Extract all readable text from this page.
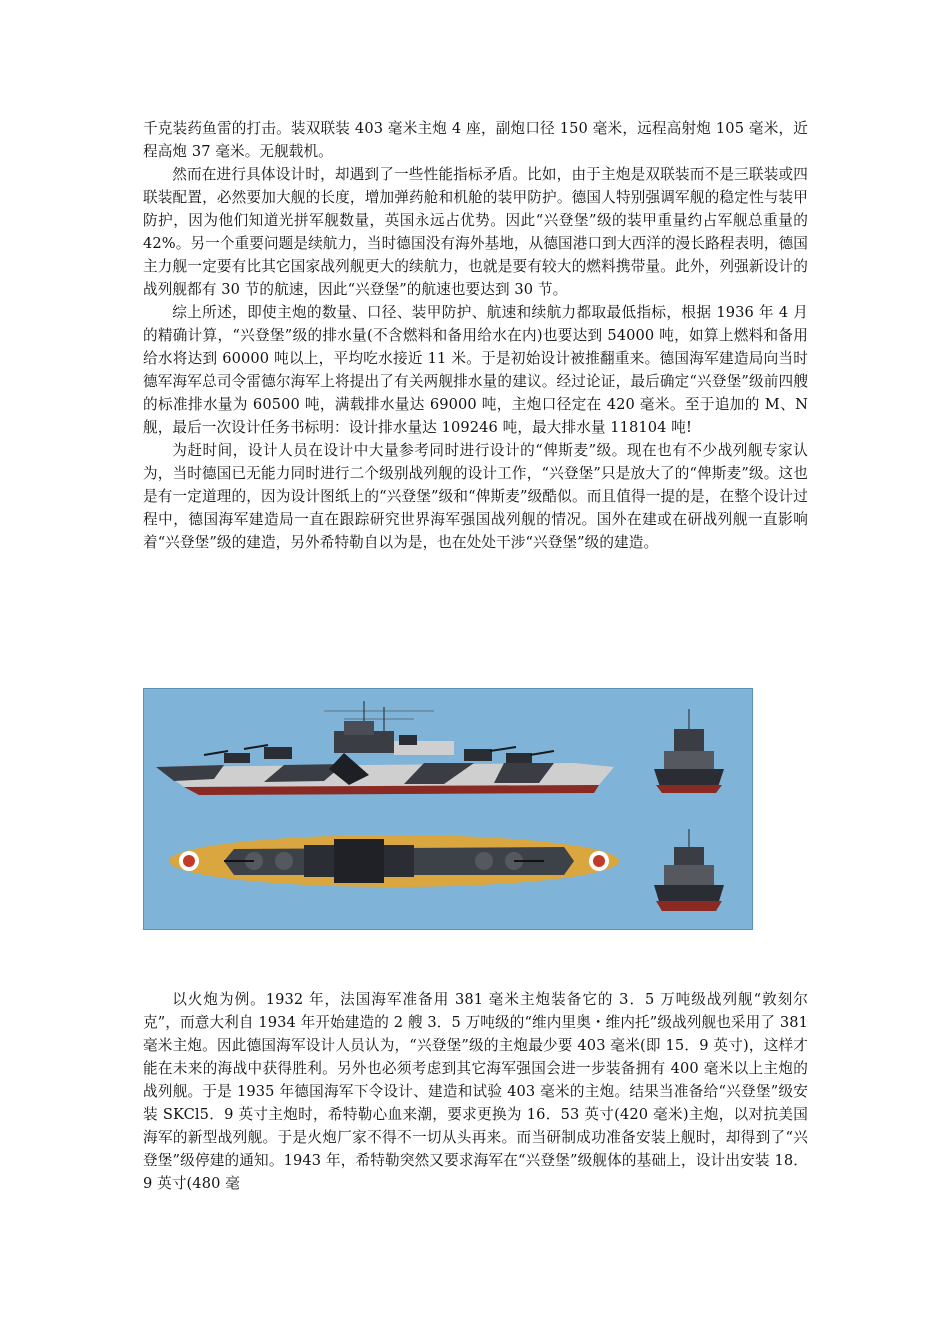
千克装药鱼雷的打击。装双联装 403 毫米主炮 4 座，副炮口径 150 毫米，远程高射炮 105 毫米，近程高炮 37 毫米。无舰载机。

然而在进行具体设计时，却遇到了一些性能指标矛盾。比如，由于主炮是双联装而不是三联装或四联装配置，必然要加大舰的长度，增加弹药舱和机舱的装甲防护。德国人特别强调军舰的稳定性与装甲防护，因为他们知道光拼军舰数量，英国永远占优势。因此“兴登堡”级的装甲重量约占军舰总重量的 42%。另一个重要问题是续航力，当时德国没有海外基地，从德国港口到大西洋的漫长路程表明，德国主力舰一定要有比其它国家战列舰更大的续航力，也就是要有较大的燃料携带量。此外，列强新设计的战列舰都有 30 节的航速，因此“兴登堡”的航速也要达到 30 节。

综上所述，即使主炮的数量、口径、装甲防护、航速和续航力都取最低指标，根据 1936 年 4 月的精确计算，“兴登堡”级的排水量(不含燃料和备用给水在内)也要达到 54000 吨，如算上燃料和备用给水将达到 60000 吨以上，平均吃水接近 11 米。于是初始设计被推翻重来。德国海军建造局向当时德军海军总司令雷德尔海军上将提出了有关两舰排水量的建议。经过论证，最后确定“兴登堡”级前四艘的标准排水量为 60500 吨，满载排水量达 69000 吨，主炮口径定在 420 毫米。至于追加的 M、N 舰，最后一次设计任务书标明：设计排水量达 109246 吨，最大排水量 118104 吨!

为赶时间，设计人员在设计中大量参考同时进行设计的“俾斯麦”级。现在也有不少战列舰专家认为，当时德国已无能力同时进行二个级别战列舰的设计工作，“兴登堡”只是放大了的“俾斯麦”级。这也是有一定道理的，因为设计图纸上的“兴登堡”级和“俾斯麦”级酷似。而且值得一提的是，在整个设计过程中，德国海军建造局一直在跟踪研究世界海军强国战列舰的情况。国外在建或在研战列舰一直影响着“兴登堡”级的建造，另外希特勒自以为是，也在处处干涉“兴登堡”级的建造。

以火炮为例。1932 年，法国海军准备用 381 毫米主炮装备它的 3．5 万吨级战列舰“敦刻尔克”，而意大利自 1934 年开始建造的 2 艘 3．5 万吨级的“维内里奥・维内托”级战列舰也采用了 381 毫米主炮。因此德国海军设计人员认为，“兴登堡”级的主炮最少要 403 毫米(即 15．9 英寸)，这样才能在未来的海战中获得胜利。另外也必须考虑到其它海军强国会进一步装备拥有 400 毫米以上主炮的战列舰。于是 1935 年德国海军下令设计、建造和试验 403 毫米的主炮。结果当准备给“兴登堡”级安装 SKCl5．9 英寸主炮时，希特勒心血来潮，要求更换为 16．53 英寸(420 毫米)主炮，以对抗美国海军的新型战列舰。于是火炮厂家不得不一切从头再来。而当研制成功准备安装上舰时，却得到了“兴登堡”级停建的通知。1943 年，希特勒突然又要求海军在“兴登堡”级舰体的基础上，设计出安装 18．9 英寸(480 毫
